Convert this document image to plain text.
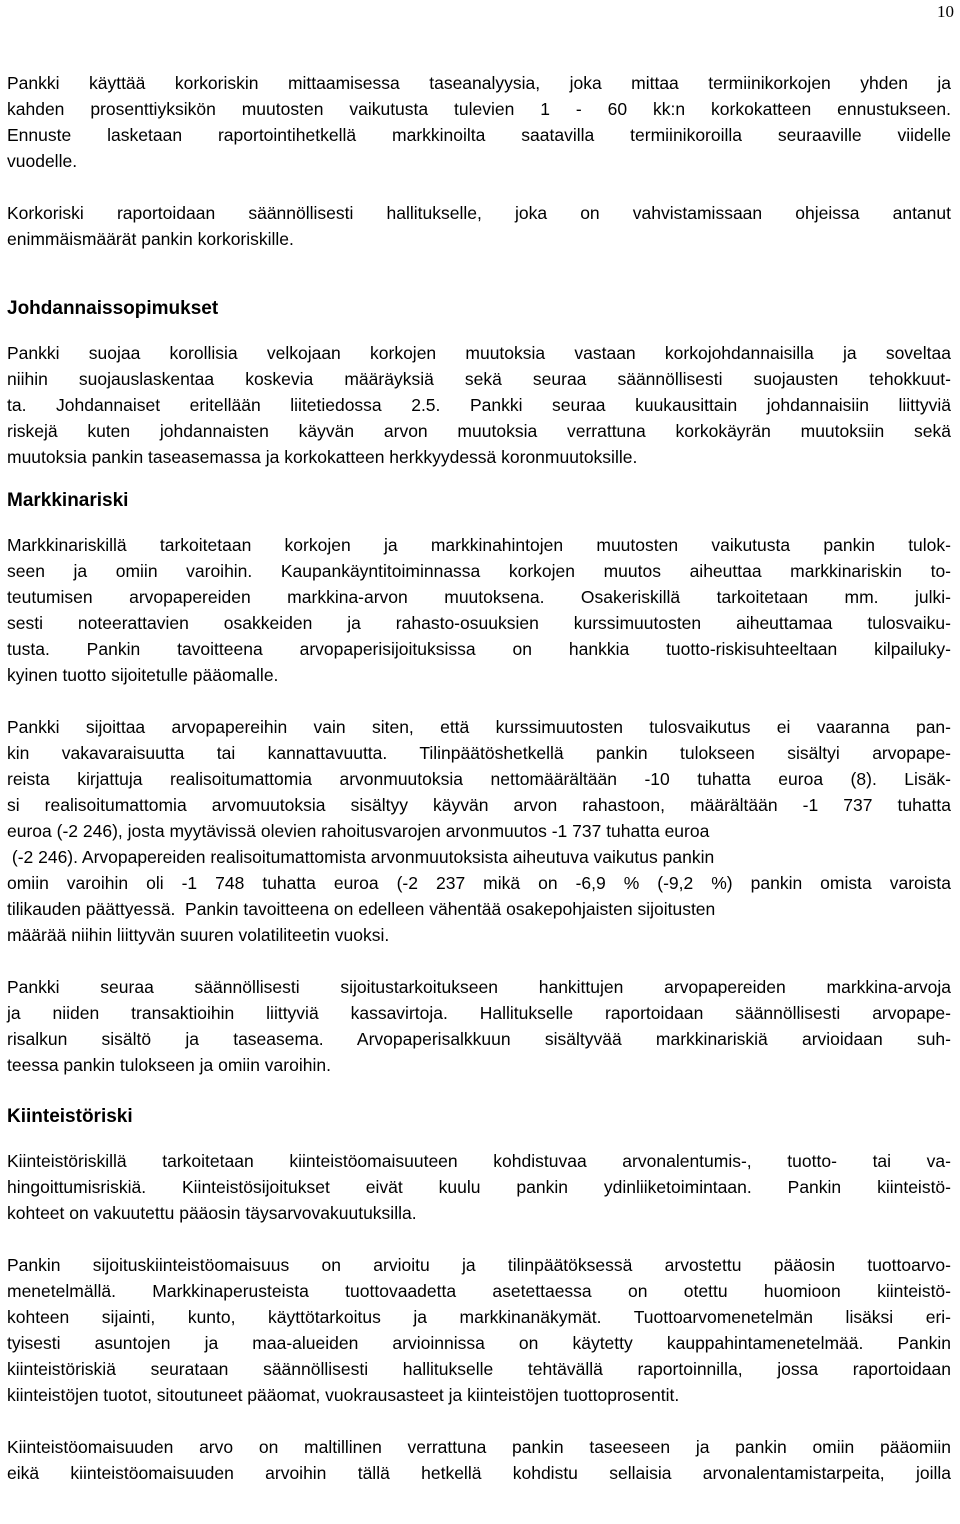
10

Pankki käyttää korkoriskin mittaamisessa taseanalyysia, joka mittaa termiinikorkojen yhden ja
kahden prosenttiyksikön muutosten vaikutusta tulevien 1 - 60 kk:n korkokatteen ennustukseen.
Ennuste lasketaan raportointihetkellä markkinoilta saatavilla termiinikoroilla seuraaville viidelle
vuodelle.

Korkoriski raportoidaan säännöllisesti hallitukselle, joka on vahvistamissaan ohjeissa antanut
enimmäismäärät pankin korkoriskille.

Johdannaissopimukset

Pankki suojaa korollisia velkojaan korkojen muutoksia vastaan korkojohdannaisilla ja soveltaa
niihin suojauslaskentaa koskevia määräyksiä sekä seuraa säännöllisesti suojausten tehokkuut-
ta. Johdannaiset eritellään liitetiedossa 2.5. Pankki seuraa kuukausittain johdannaisiin liittyviä
riskejä kuten johdannaisten käyvän arvon muutoksia verrattuna korkokäyrän muutoksiin sekä
muutoksia pankin taseasemassa ja korkokatteen herkkyydessä koronmuutoksille.

Markkinariski

Markkinariskillä tarkoitetaan korkojen ja markkinahintojen muutosten vaikutusta pankin tulok-
seen ja omiin varoihin. Kaupankäyntitoiminnassa korkojen muutos aiheuttaa markkinariskin to-
teutumisen arvopapereiden markkina-arvon muutoksena. Osakeriskillä tarkoitetaan mm. julki-
sesti noteerattavien osakkeiden ja rahasto-osuuksien kurssimuutosten aiheuttamaa tulosvaiku-
tusta. Pankin tavoitteena arvopaperisijoituksissa on hankkia tuotto-riskisuhteeltaan kilpailuky-
kyinen tuotto sijoitetulle pääomalle.

Pankki sijoittaa arvopapereihin vain siten, että kurssimuutosten tulosvaikutus ei vaaranna pan-
kin vakavaraisuutta tai kannattavuutta. Tilinpäätöshetkellä pankin tulokseen sisältyi arvopape-
reista kirjattuja realisoitumattomia arvonmuutoksia nettomäärältään -10 tuhatta euroa (8). Lisäk-
si realisoitumattomia arvomuutoksia sisältyy käyvän arvon rahastoon, määrältään -1 737 tuhatta
euroa (-2 246), josta myytävissä olevien rahoitusvarojen arvonmuutos -1 737 tuhatta euroa
(-2 246). Arvopapereiden realisoitumattomista arvonmuutoksista aiheutuva vaikutus pankin
omiin varoihin oli -1 748 tuhatta euroa (-2 237 mikä on -6,9 % (-9,2 %) pankin omista varoista
tilikauden päättyessä.  Pankin tavoitteena on edelleen vähentää osakepohjaisten sijoitusten
määrää niihin liittyvän suuren volatiliteetin vuoksi.

Pankki seuraa säännöllisesti sijoitustarkoitukseen hankittujen arvopapereiden markkina-arvoja
ja niiden transaktioihin liittyviä kassavirtoja. Hallitukselle raportoidaan säännöllisesti arvopape-
risalkun sisältö ja taseasema. Arvopaperisalkkuun sisältyvää markkinariskiä arvioidaan suh-
teessa pankin tulokseen ja omiin varoihin.

Kiinteistöriski

Kiinteistöriskillä tarkoitetaan kiinteistöomaisuuteen kohdistuvaa arvonalentumis-, tuotto- tai va-
hingoittumisriskiä. Kiinteistösijoitukset eivät kuulu pankin ydinliiketoimintaan. Pankin kiinteistö-
kohteet on vakuutettu pääosin täysarvovakuutuksilla.

Pankin sijoituskiinteistöomaisuus on arvioitu ja tilinpäätöksessä arvostettu pääosin tuottoarvo-
menetelmällä. Markkinaperusteista tuottovaadetta asetettaessa on otettu huomioon kiinteistö-
kohteen sijainti, kunto, käyttötarkoitus ja markkinanäkymät. Tuottoarvomenetelmän lisäksi eri-
tyisesti asuntojen ja maa-alueiden arvioinnissa on käytetty kauppahintamenetelmää. Pankin
kiinteistöriskiä seurataan säännöllisesti hallitukselle tehtävällä raportoinnilla, jossa raportoidaan
kiinteistöjen tuotot, sitoutuneet pääomat, vuokrausasteet ja kiinteistöjen tuottoprosentit.

Kiinteistöomaisuuden arvo on maltillinen verrattuna pankin taseeseen ja pankin omiin pääomiin
eikä kiinteistöomaisuuden arvoihin tällä hetkellä kohdistu sellaisia arvonalentamistarpeita, joilla
